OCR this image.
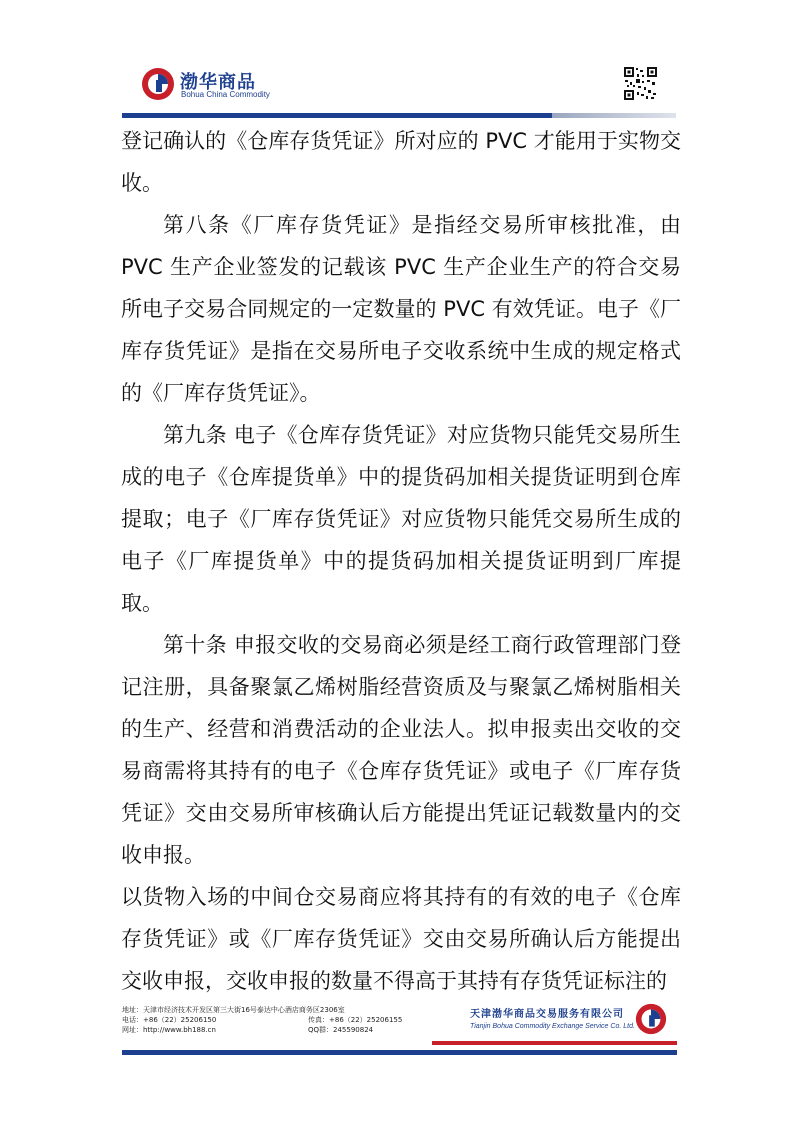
渤华商品
Bohua China Commodity

登记确认的《仓库存货凭证》所对应的 PVC 才能用于实物交收。

第八条《厂库存货凭证》是指经交易所审核批准，由 PVC 生产企业签发的记载该 PVC 生产企业生产的符合交易所电子交易合同规定的一定数量的 PVC 有效凭证。电子《厂库存货凭证》是指在交易所电子交收系统中生成的规定格式的《厂库存货凭证》。

第九条 电子《仓库存货凭证》对应货物只能凭交易所生成的电子《仓库提货单》中的提货码加相关提货证明到仓库提取；电子《厂库存货凭证》对应货物只能凭交易所生成的电子《厂库提货单》中的提货码加相关提货证明到厂库提取。

第十条 申报交收的交易商必须是经工商行政管理部门登记注册，具备聚氯乙烯树脂经营资质及与聚氯乙烯树脂相关的生产、经营和消费活动的企业法人。拟申报卖出交收的交易商需将其持有的电子《仓库存货凭证》或电子《厂库存货凭证》交由交易所审核确认后方能提出凭证记载数量内的交收申报。

以货物入场的中间仓交易商应将其持有的有效的电子《仓库存货凭证》或《厂库存货凭证》交由交易所确认后方能提出交收申报，交收申报的数量不得高于其持有存货凭证标注的

地址：天津市经济技术开发区第三大街16号泰达中心酒店商务区2306室
电话：+86（22）25206150	传真：+86（22）25206155
网址：http://www.bh188.cn	QQ群：245590824
天津渤华商品交易服务有限公司
Tianjin Bohua Commodity Exchange Service Co. Ltd.
